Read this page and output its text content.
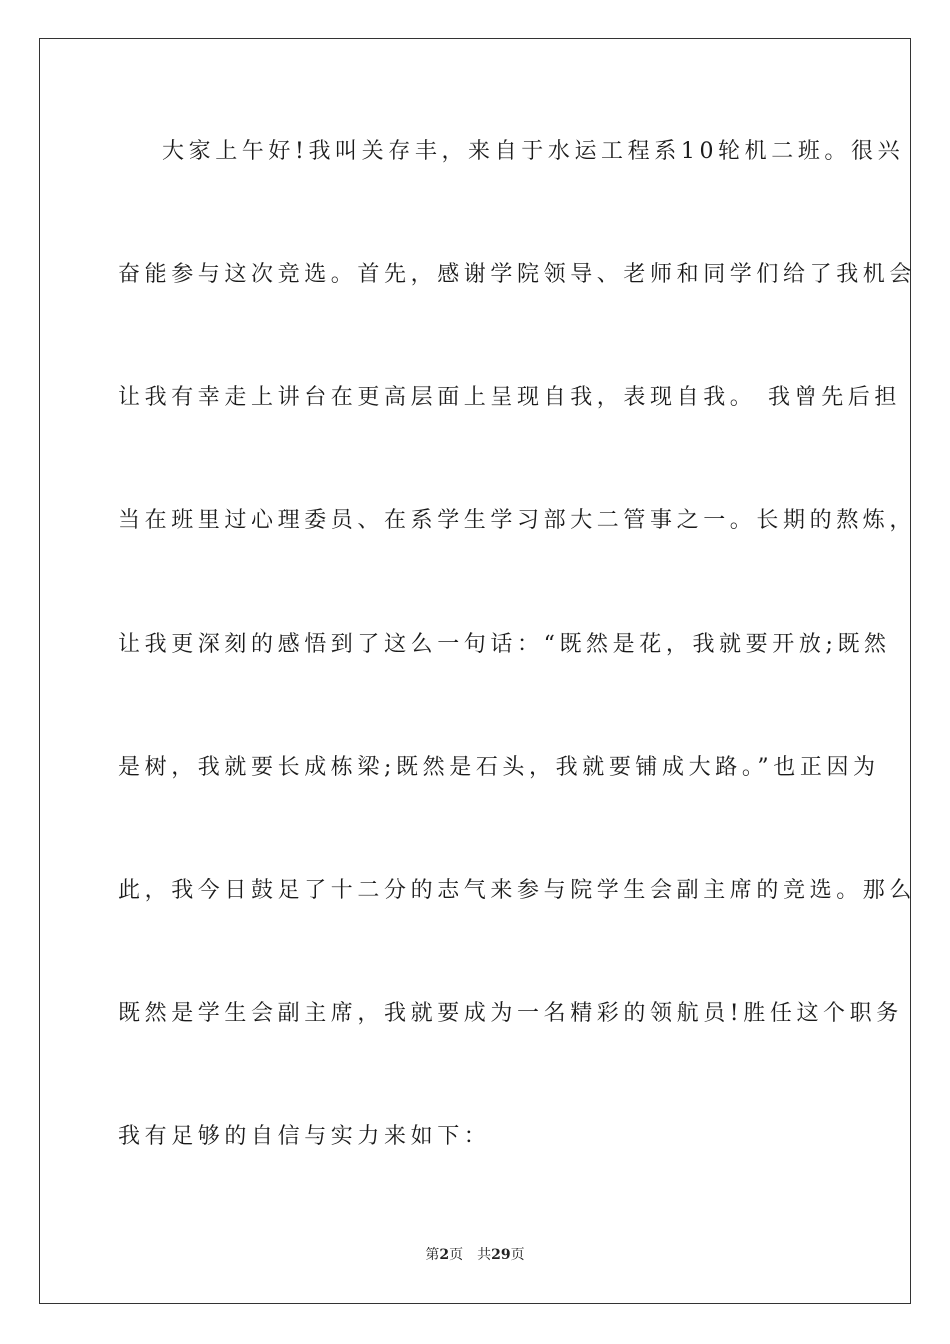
大家上午好!我叫关存丰，来自于水运工程系10轮机二班。很兴
奋能参与这次竞选。首先，感谢学院领导、老师和同学们给了我机会
让我有幸走上讲台在更高层面上呈现自我，表现自我。 我曾先后担
当在班里过心理委员、在系学生学习部大二管事之一。长期的熬炼，
让我更深刻的感悟到了这么一句话：“既然是花，我就要开放;既然
是树，我就要长成栋梁;既然是石头，我就要铺成大路。”也正因为
此，我今日鼓足了十二分的志气来参与院学生会副主席的竞选。那么
既然是学生会副主席，我就要成为一名精彩的领航员!胜任这个职务
我有足够的自信与实力来如下：
第2页 共29页
